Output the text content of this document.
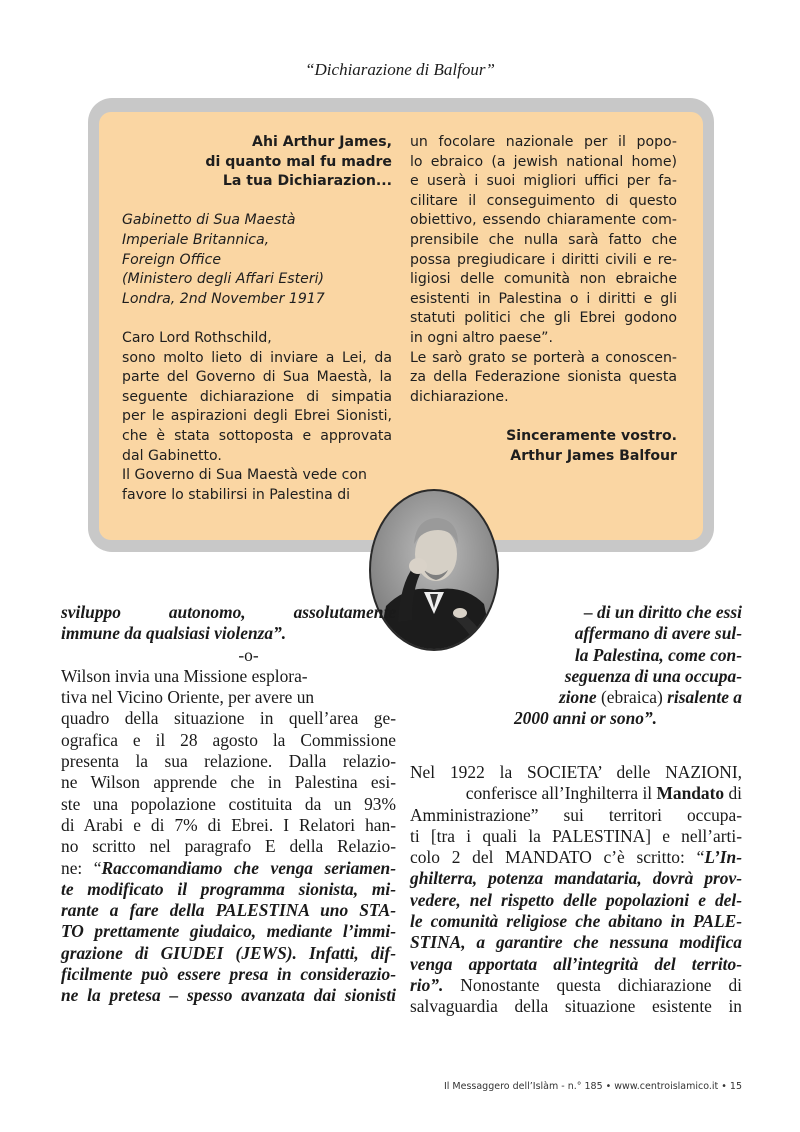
“Dichiarazione di Balfour”
Ahi Arthur James,
di quanto mal fu madre
La tua Dichiarazion...
Gabinetto di Sua Maestà
Imperiale Britannica,
Foreign Office
(Ministero degli Affari Esteri)
Londra, 2nd November 1917
Caro Lord Rothschild,
sono molto lieto di inviare a Lei, da
parte del Governo di Sua Maestà, la
seguente dichiarazione di simpatia
per le aspirazioni degli Ebrei Sionisti,
che è stata sottoposta e approvata
dal Gabinetto.
Il Governo di Sua Maestà vede con
favore lo stabilirsi in Palestina di
un focolare nazionale per il popo-
lo ebraico (a jewish national home)
e userà i suoi migliori uffici per fa-
cilitare il conseguimento di questo
obiettivo, essendo chiaramente com-
prensibile che nulla sarà fatto che
possa pregiudicare i diritti civili e re-
ligiosi delle comunità non ebraiche
esistenti in Palestina o i diritti e gli
statuti politici che gli Ebrei godono
in ogni altro paese”.
Le sarò grato se porterà a conoscen-
za della Federazione sionista questa
dichiarazione.
Sinceramente vostro.
Arthur James Balfour
sviluppo autonomo, assolutamente
immune da qualsiasi violenza”.
-o-
Wilson invia una Missione esplora-
tiva nel Vicino Oriente, per avere un
quadro della situazione in quell’area ge-
ografica e il 28 agosto la Commissione
presenta la sua relazione. Dalla relazio-
ne Wilson apprende che in Palestina esi-
ste una popolazione costituita da un 93%
di Arabi e di 7% di Ebrei. I Relatori han-
no scritto nel paragrafo E della Relazio-
ne: “Raccomandiamo che venga seriamen-
te modificato il programma sionista, mi-
rante a fare della PALESTINA uno STA-
TO prettamente giudaico, mediante l’immi-
grazione di GIUDEI (JEWS). Infatti, dif-
ficilmente può essere presa in considerazio-
ne la pretesa – spesso avanzata dai sionisti
– di un diritto che essi
affermano di avere sul-
la Palestina, come con-
seguenza di una occupa-
zione (ebraica) risalente a
2000 anni or sono”.
Nel 1922 la SOCIETA’ delle NAZIONI,
conferisce all’Inghilterra il Mandato di
Amministrazione” sui territori occupa-
ti [tra i quali la PALESTINA] e nell’arti-
colo 2 del MANDATO c’è scritto: “L’In-
ghilterra, potenza mandataria, dovrà prov-
vedere, nel rispetto delle popolazioni e del-
le comunità religiose che abitano in PALE-
STINA, a garantire che nessuna modifica
venga apportata all’integrità del territo-
rio”. Nonostante questa dichiarazione di
salvaguardia della situazione esistente in
Il Messaggero dell’Islàm - n.° 185 • www.centroislamico.it • 15
